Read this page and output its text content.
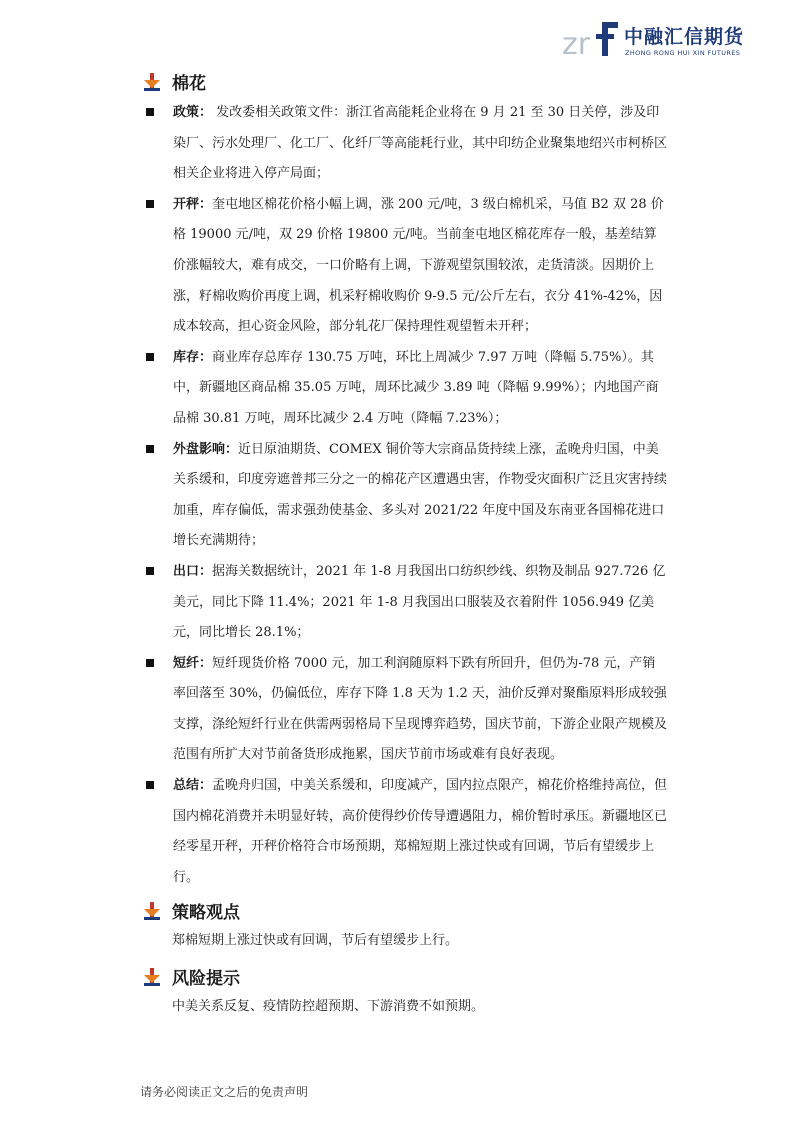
zr 中融汇信期货
ZHONG RONG HUI XIN FUTURES
棉花
政策： 发改委相关政策文件：浙江省高能耗企业将在 9 月 21 至 30 日关停，涉及印染厂、污水处理厂、化工厂、化纤厂等高能耗行业，其中印纺企业聚集地绍兴市柯桥区相关企业将进入停产局面；
开秤：奎屯地区棉花价格小幅上调，涨 200 元/吨，3 级白棉机采，马值 B2 双 28 价格 19000 元/吨，双 29 价格 19800 元/吨。当前奎屯地区棉花库存一般，基差结算价涨幅较大，难有成交，一口价略有上调，下游观望氛围较浓，走货清淡。因期价上涨，籽棉收购价再度上调，机采籽棉收购价 9-9.5 元/公斤左右，衣分 41%-42%，因成本较高，担心资金风险，部分轧花厂保持理性观望暂未开秤；
库存：商业库存总库存 130.75 万吨，环比上周减少 7.97 万吨（降幅 5.75%）。其中，新疆地区商品棉 35.05 万吨，周环比减少 3.89 吨（降幅 9.99%）；内地国产商品棉 30.81 万吨，周环比减少 2.4 万吨（降幅 7.23%）；
外盘影响：近日原油期货、COMEX 铜价等大宗商品货持续上涨，孟晚舟归国，中美关系缓和，印度旁遮普邦三分之一的棉花产区遭遇虫害，作物受灾面积广泛且灾害持续加重，库存偏低，需求强劲使基金、多头对 2021/22 年度中国及东南亚各国棉花进口增长充满期待；
出口：据海关数据统计，2021 年 1-8 月我国出口纺织纱线、织物及制品 927.726 亿美元，同比下降 11.4%；2021 年 1-8 月我国出口服装及衣着附件 1056.949 亿美元，同比增长 28.1%；
短纤：短纤现货价格 7000 元，加工利润随原料下跌有所回升，但仍为-78 元，产销率回落至 30%，仍偏低位，库存下降 1.8 天为 1.2 天，油价反弹对聚酯原料形成较强支撑，涤纶短纤行业在供需两弱格局下呈现博弈趋势，国庆节前，下游企业限产规模及范围有所扩大对节前备货形成拖累，国庆节前市场或难有良好表现。
总结：孟晚舟归国，中美关系缓和，印度减产，国内拉点限产，棉花价格维持高位，但国内棉花消费并未明显好转，高价使得纱价传导遭遇阻力，棉价暂时承压。新疆地区已经零星开秤，开秤价格符合市场预期，郑棉短期上涨过快或有回调，节后有望缓步上行。
策略观点
郑棉短期上涨过快或有回调，节后有望缓步上行。
风险提示
中美关系反复、疫情防控超预期、下游消费不如预期。
请务必阅读正文之后的免责声明
